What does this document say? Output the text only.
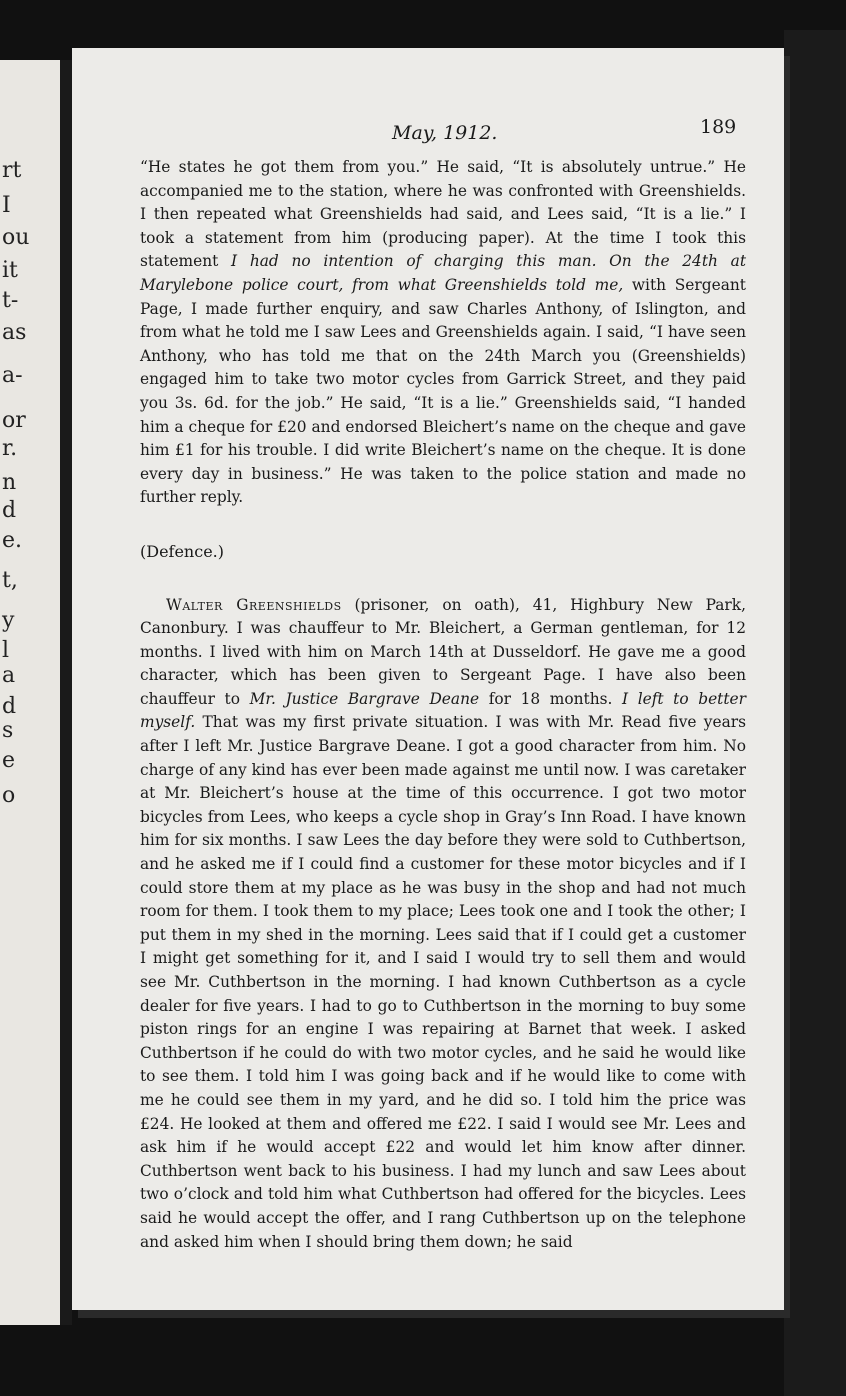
rt
I
ou
it
t-
as
a-
or
r.
n
d
e.
t,
y
l
a
d
s
e
o
May, 1912.	189

“He states he got them from you.” He said, “It is absolutely untrue.” He accompanied me to the station, where he was confronted with Greenshields. I then repeated what Greenshields had said, and Lees said, “It is a lie.” I took a statement from him (producing paper). At the time I took this statement I had no intention of charging this man. On the 24th at Marylebone police court, from what Greenshields told me, with Sergeant Page, I made further enquiry, and saw Charles Anthony, of Islington, and from what he told me I saw Lees and Greenshields again. I said, “I have seen Anthony, who has told me that on the 24th March you (Greenshields) engaged him to take two motor cycles from Garrick Street, and they paid you 3s. 6d. for the job.” He said, “It is a lie.” Greenshields said, “I handed him a cheque for £20 and endorsed Bleichert’s name on the cheque and gave him £1 for his trouble. I did write Bleichert’s name on the cheque. It is done every day in business.” He was taken to the police station and made no further reply.

(Defence.)

Walter Greenshields (prisoner, on oath), 41, Highbury New Park, Canonbury. I was chauffeur to Mr. Bleichert, a German gentleman, for 12 months. I lived with him on March 14th at Dusseldorf. He gave me a good character, which has been given to Sergeant Page. I have also been chauffeur to Mr. Justice Bargrave Deane for 18 months. I left to better myself. That was my first private situation. I was with Mr. Read five years after I left Mr. Justice Bargrave Deane. I got a good character from him. No charge of any kind has ever been made against me until now. I was caretaker at Mr. Bleichert’s house at the time of this occurrence. I got two motor bicycles from Lees, who keeps a cycle shop in Gray’s Inn Road. I have known him for six months. I saw Lees the day before they were sold to Cuthbertson, and he asked me if I could find a customer for these motor bicycles and if I could store them at my place as he was busy in the shop and had not much room for them. I took them to my place; Lees took one and I took the other; I put them in my shed in the morning. Lees said that if I could get a customer I might get something for it, and I said I would try to sell them and would see Mr. Cuthbertson in the morning. I had known Cuthbertson as a cycle dealer for five years. I had to go to Cuthbertson in the morning to buy some piston rings for an engine I was repairing at Barnet that week. I asked Cuthbertson if he could do with two motor cycles, and he said he would like to see them. I told him I was going back and if he would like to come with me he could see them in my yard, and he did so. I told him the price was £24. He looked at them and offered me £22. I said I would see Mr. Lees and ask him if he would accept £22 and would let him know after dinner. Cuthbertson went back to his business. I had my lunch and saw Lees about two o’clock and told him what Cuthbertson had offered for the bicycles. Lees said he would accept the offer, and I rang Cuthbertson up on the telephone and asked him when I should bring them down; he said
